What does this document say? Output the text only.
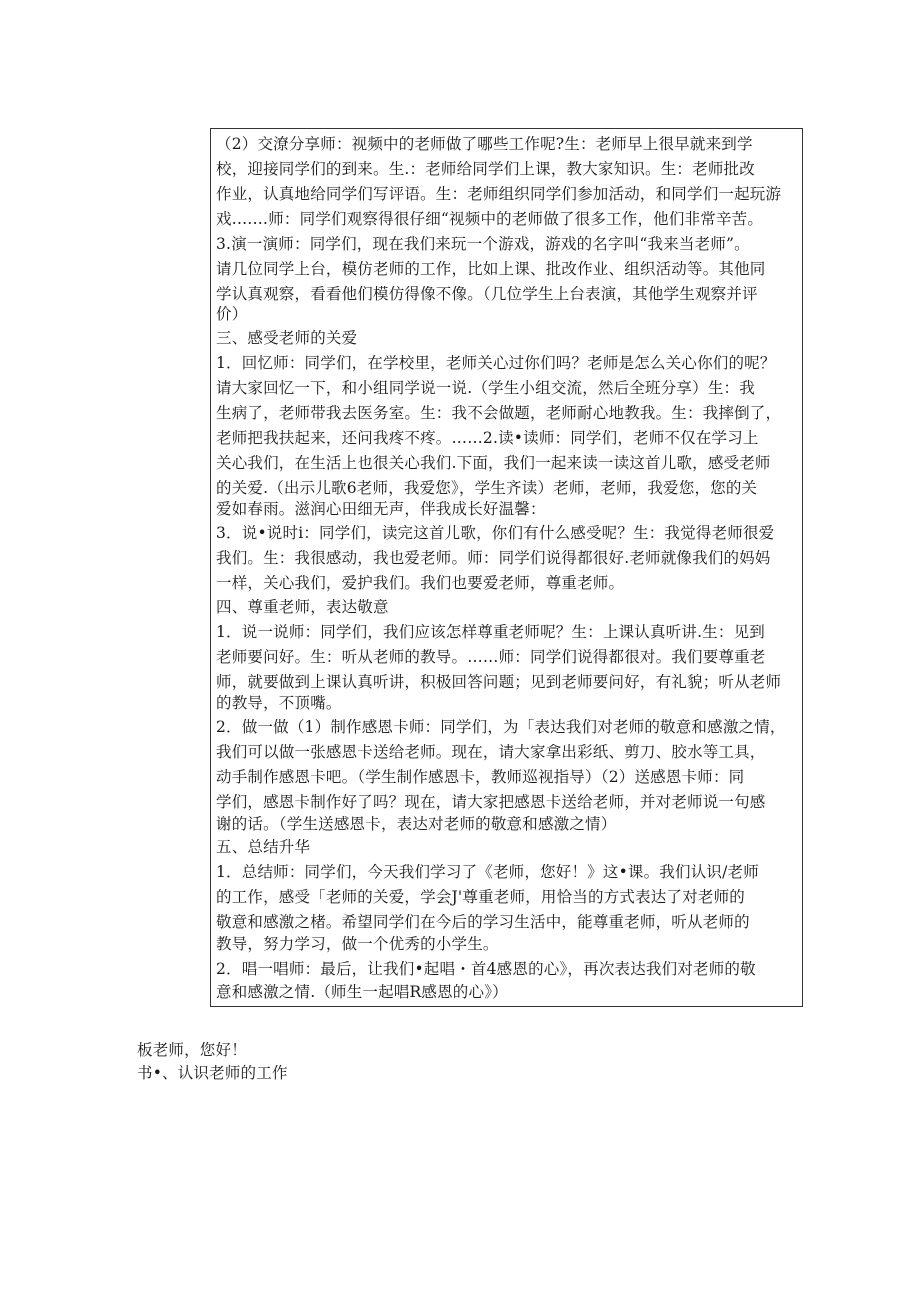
（2）交潦分享师：视频中的老师做了哪些工作呢?生：老师早上很早就来到学
校，迎接同学们的到来。生.：老师给同学们上课，教大家知识。生：老师批改
作业，认真地给同学们写评语。生：老师组织同学们参加活动，和同学们一起玩游
戏.……师：同学们观察得很仔细“视频中的老师做了很多工作，他们非常辛苦。
3.演一演师：同学们，现在我们来玩一个游戏，游戏的名字叫“我来当老师”。
请几位同学上台，模仿老师的工作，比如上课、批改作业、组织活动等。其他同
学认真观察，看看他们模仿得像不像。（几位学生上台表演，其他学生观察并评
价）
三、感受老师的关爱
1．回忆师：同学们，在学校里，老师关心过你们吗？老师是怎么关心你们的呢？
请大家回忆一下，和小组同学说一说.（学生小组交流，然后全班分享）生：我
生病了，老师带我去医务室。生：我不会做题，老师耐心地教我。生：我摔倒了，
老师把我扶起来，还问我疼不疼。……2.读•读师：同学们，老师不仅在学习上
关心我们，在生活上也很关心我们.下面，我们一起来读一读这首儿歌，感受老师
的关爱.（出示儿歌6老师，我爱您》，学生齐读）老师，老师，我爱您，您的关
爱如春雨。滋润心田细无声，伴我成长好温馨：
3．说•说时i：同学们，读完这首儿歌，你们有什么感受呢？生：我觉得老师很爱
我们。生：我很感动，我也爱老师。师：同学们说得都很好.老师就像我们的妈妈
一样，关心我们，爱护我们。我们也要爱老师，尊重老师。
四、尊重老师，表达敬意
1．说一说师：同学们，我们应该怎样尊重老师呢？生：上课认真听讲.生：见到
老师要问好。生：听从老师的教导。……师：同学们说得都很对。我们要尊重老
师，就要做到上课认真听讲，积极回答问题；见到老师要问好，有礼貌；听从老师
的教导，不顶嘴。
2．做一做（1）制作感恩卡师：同学们，为「表达我们对老师的敬意和感激之情，
我们可以做一张感恩卡送给老师。现在，请大家拿出彩纸、剪刀、胶水等工具，
动手制作感恩卡吧。（学生制作感恩卡，教师巡视指导）（2）送感恩卡师：同
学们，感恩卡制作好了吗？现在，请大家把感恩卡送给老师，并对老师说一句感
谢的话。（学生送感恩卡，表达对老师的敬意和感激之情）
五、总结升华
1．总结师：同学们，今天我们学习了《老师，您好！》这•课。我们认识/老师
的工作，感受「老师的关爱，学会J'尊重老师，用恰当的方式表达了对老师的
敬意和感激之楮。希望同学们在今后的学习生活中，能尊重老师，听从老师的
教导，努力学习，做一个优秀的小学生。
2．唱一唱师：最后，让我们•起唱・首4感恩的心》，再次表达我们对老师的敬
意和感激之情.（师生一起唱R感恩的心》）
板老师，您好！
书•、认识老师的工作
